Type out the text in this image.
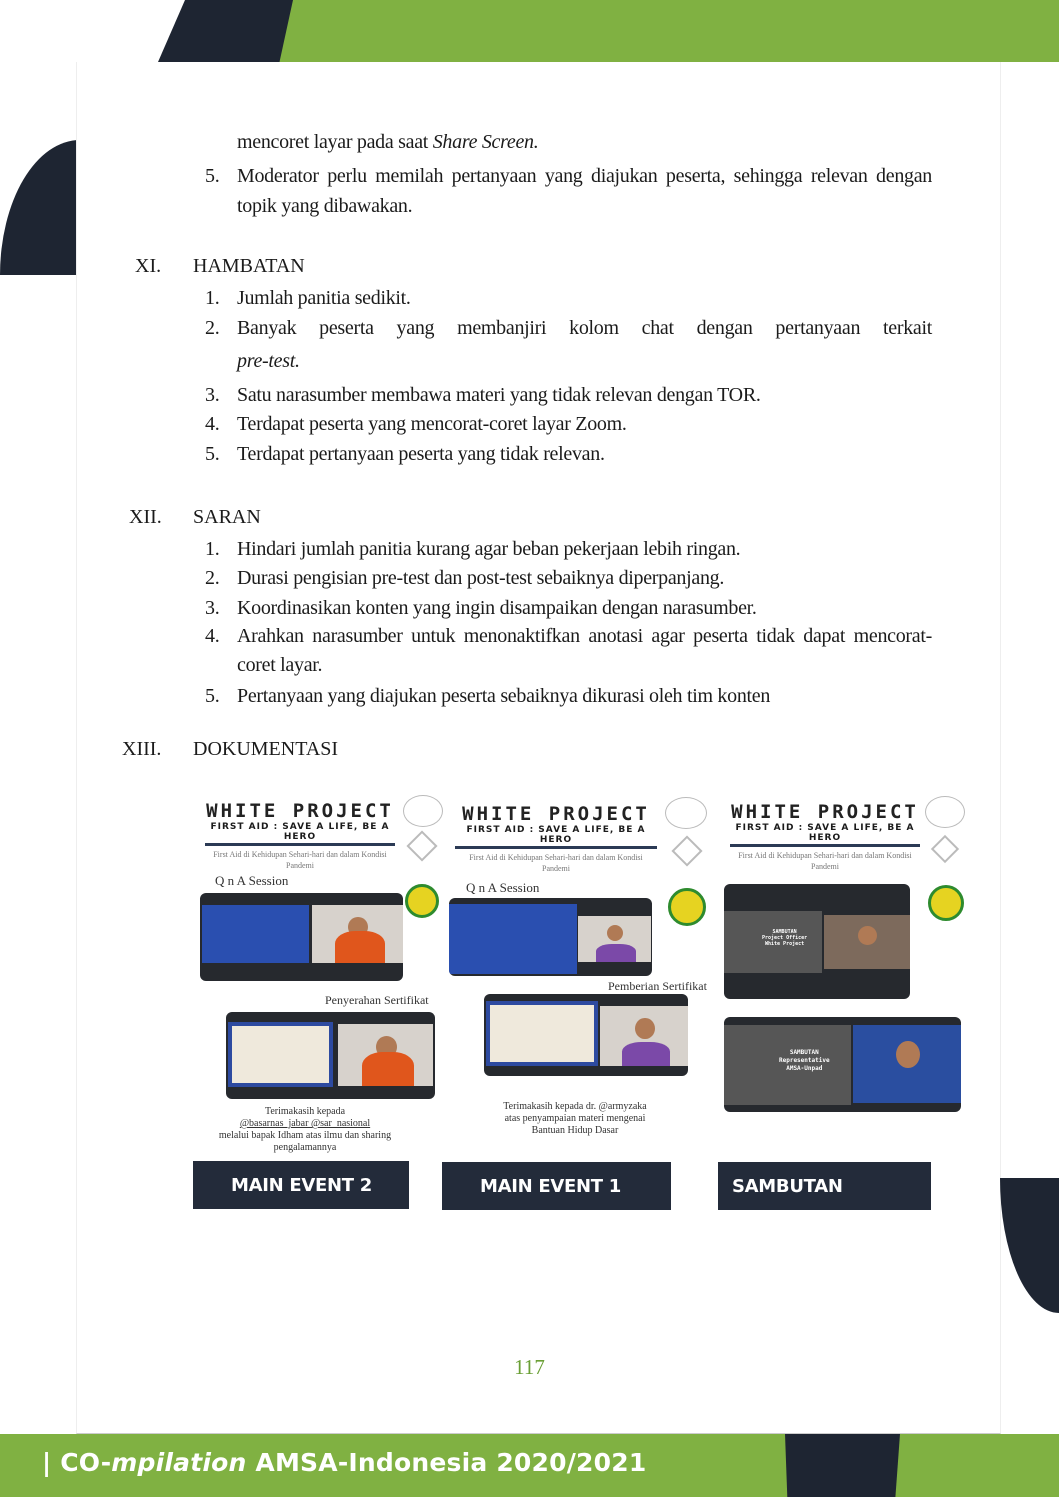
mencoret layar pada saat Share Screen.
5. Moderator perlu memilah pertanyaan yang diajukan peserta, sehingga relevan dengan topik yang dibawakan.
XI. HAMBATAN
1. Jumlah panitia sedikit.
2. Banyak peserta yang membanjiri kolom chat dengan pertanyaan terkait
pre-test.
3. Satu narasumber membawa materi yang tidak relevan dengan TOR.
4. Terdapat peserta yang mencorat-coret layar Zoom.
5. Terdapat pertanyaan peserta yang tidak relevan.
XII. SARAN
1. Hindari jumlah panitia kurang agar beban pekerjaan lebih ringan.
2. Durasi pengisian pre-test dan post-test sebaiknya diperpanjang.
3. Koordinasikan konten yang ingin disampaikan dengan narasumber.
4. Arahkan narasumber untuk menonaktifkan anotasi agar peserta tidak dapat mencorat-coret layar.
5. Pertanyaan yang diajukan peserta sebaiknya dikurasi oleh tim konten
XIII. DOKUMENTASI
WHITE PROJECT
FIRST AID : SAVE A LIFE, BE A HERO
First Aid di Kehidupan Sehari-hari dan dalam Kondisi Pandemi
Q n A Session
Penyerahan Sertifikat
Terimakasih kepada
@basarnas_jabar @sar_nasional
melalui bapak Idham atas ilmu dan sharing
pengalamannya
MAIN EVENT 2
WHITE PROJECT
FIRST AID : SAVE A LIFE, BE A HERO
First Aid di Kehidupan Sehari-hari dan dalam Kondisi Pandemi
Q n A Session
Pemberian Sertifikat
Terimakasih kepada dr. @armyzaka
atas penyampaian materi mengenai
Bantuan Hidup Dasar
MAIN EVENT 1
WHITE PROJECT
FIRST AID : SAVE A LIFE, BE A HERO
First Aid di Kehidupan Sehari-hari dan dalam Kondisi Pandemi
SAMBUTAN
Project Officer
White Project
SAMBUTAN
Representative
AMSA-Unpad
SAMBUTAN
117
| CO-mpilation AMSA-Indonesia 2020/2021
